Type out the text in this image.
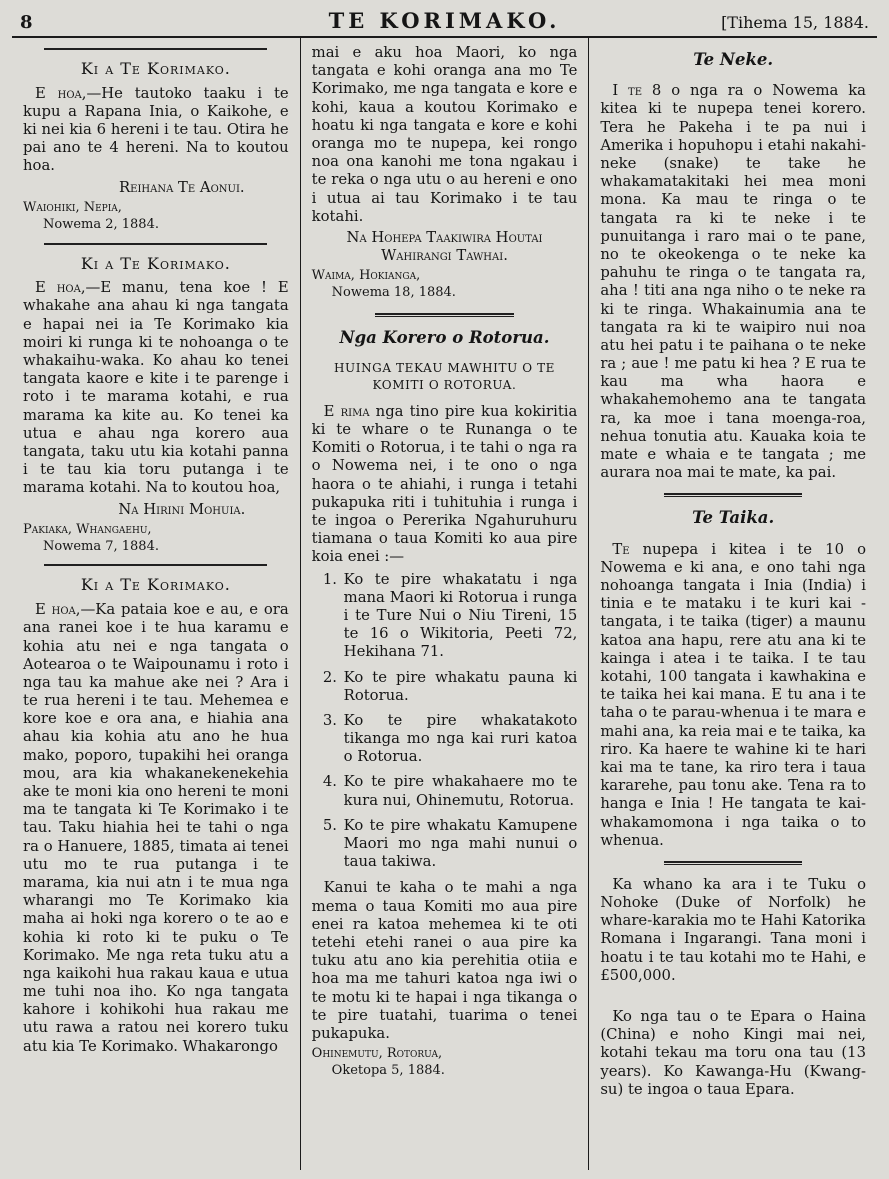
8	TE KORIMAKO.	[Tihema 15, 1884.
Ki a Te Korimako.

E hoa,—He tautoko taaku i te kupu a Rapana Inia, o Kaikohe, e ki nei kia 6 hereni i te tau. Otira he pai ano te 4 hereni. Na to koutou hoa.

Reihana Te Aonui.

Waiohiki, Nepia,

Nowema 2, 1884.

Ki a Te Korimako.

E hoa,—E manu, tena koe ! E whakahe ana ahau ki nga tangata e hapai nei ia Te Korimako kia moiri ki runga ki te nohoanga o te whakaihu-waka. Ko ahau ko tenei tangata kaore e kite i te parenge i roto i te marama kotahi, e rua marama ka kite au. Ko tenei ka utua e ahau nga korero aua tangata, taku utu kia kotahi panna i te tau kia toru putanga i te marama kotahi. Na to koutou hoa,

Na Hirini Mohuia.

Pakiaka, Whangaehu,

Nowema 7, 1884.

Ki a Te Korimako.

E hoa,—Ka pataia koe e au, e ora ana ranei koe i te hua karamu e kohia atu nei e nga tangata o Aotearoa o te Waipounamu i roto i nga tau ka mahue ake nei ? Ara i te rua hereni i te tau. Mehemea e kore koe e ora ana, e hiahia ana ahau kia kohia atu ano he hua mako, poporo, tupakihi hei oranga mou, ara kia whakanekenekehia ake te moni kia ono hereni te moni ma te tangata ki Te Korimako i te tau. Taku hiahia hei te tahi o nga ra o Hanuere, 1885, timata ai tenei utu mo te rua putanga i te marama, kia nui atn i te mua nga wharangi mo Te Korimako kia maha ai hoki nga korero o te ao e kohia ki roto ki te puku o Te Korimako. Me nga reta tuku atu a nga kaikohi hua rakau kaua e utua me tuhi noa iho. Ko nga tangata kahore i kohikohi hua rakau me utu rawa a ratou nei korero tuku atu kia Te Korimako. Whakarongo

mai e aku hoa Maori, ko nga tangata e kohi oranga ana mo Te Korimako, me nga tangata e kore e kohi, kaua a koutou Korimako e hoatu ki nga tangata e kore e kohi oranga mo te nupepa, kei rongo noa ona kanohi me tona ngakau i te reka o nga utu o au hereni e ono i utua ai tau Korimako i te tau kotahi.

Na Hohepa Taakiwira Houtai Wahirangi Tawhai.

Waima, Hokianga,

Nowema 18, 1884.

Nga Korero o Rotorua.

HUINGA TEKAU MAWHITU O TE KOMITI O ROTORUA.

E rima nga tino pire kua kokiritia ki te whare o te Runanga o te Komiti o Rotorua, i te tahi o nga ra o Nowema nei, i te ono o nga haora o te ahiahi, i runga i tetahi pukapuka riti i tuhituhia i runga i te ingoa o Pererika Ngahuruhuru tiamana o taua Komiti ko aua pire koia enei :—

1. Ko te pire whakatatu i nga mana Maori ki Rotorua i runga i te Ture Nui o Niu Tireni, 15 te 16 o Wikitoria, Peeti 72, Hekihana 71.
2. Ko te pire whakatu pauna ki Rotorua.
3. Ko te pire whakatakoto tikanga mo nga kai ruri katoa o Rotorua.
4. Ko te pire whakahaere mo te kura nui, Ohinemutu, Rotorua.
5. Ko te pire whakatu Kamupene Maori mo nga mahi nunui o taua takiwa.

Kanui te kaha o te mahi a nga mema o taua Komiti mo aua pire enei ra katoa mehemea ki te oti tetehi etehi ranei o aua pire ka tuku atu ano kia perehitia otiia e hoa ma me tahuri katoa nga iwi o te motu ki te hapai i nga tikanga o te pire tuatahi, tuarima o tenei pukapuka.

Ohinemutu, Rotorua,

Oketopa 5, 1884.

Te Neke.

I te 8 o nga ra o Nowema ka kitea ki te nupepa tenei korero. Tera he Pakeha i te pa nui i Amerika i hopuhopu i etahi nakahi-neke (snake) te take he whakamatakitaki hei mea moni mona. Ka mau te ringa o te tangata ra ki te neke i te punuitanga i raro mai o te pane, no te okeokenga o te neke ka pahuhu te ringa o te tangata ra, aha ! titi ana nga niho o te neke ra ki te ringa. Whakainumia ana te tangata ra ki te waipiro nui noa atu hei patu i te paihana o te neke ra ; aue ! me patu ki hea ? E rua te kau ma wha haora e whakahemohemo ana te tangata ra, ka moe i tana moenga-roa, nehua tonutia atu. Kauaka koia te mate e whaia e te tangata ; me aurara noa mai te mate, ka pai.

Te Taika.

Te nupepa i kitea i te 10 o Nowema e ki ana, e ono tahi nga nohoanga tangata i Inia (India) i tinia e te mataku i te kuri kai - tangata, i te taika (tiger) a maunu katoa ana hapu, rere atu ana ki te kainga i atea i te taika. I te tau kotahi, 100 tangata i kawhakina e te taika hei kai mana. E tu ana i te taha o te parau-whenua i te mara e mahi ana, ka reia mai e te taika, ka riro. Ka haere te wahine ki te hari kai ma te tane, ka riro tera i taua kararehe, pau tonu ake. Tena ra to hanga e Inia ! He tangata te kai-whakamomona i nga taika o to whenua.

Ka whano ka ara i te Tuku o Nohoke (Duke of Norfolk) he whare-karakia mo te Hahi Katorika Romana i Ingarangi. Tana moni i hoatu i te tau kotahi mo te Hahi, e £500,000.

Ko nga tau o te Epara o Haina (China) e noho Kingi mai nei, kotahi tekau ma toru ona tau (13 years). Ko Kawanga-Hu (Kwang-su) te ingoa o taua Epara.
